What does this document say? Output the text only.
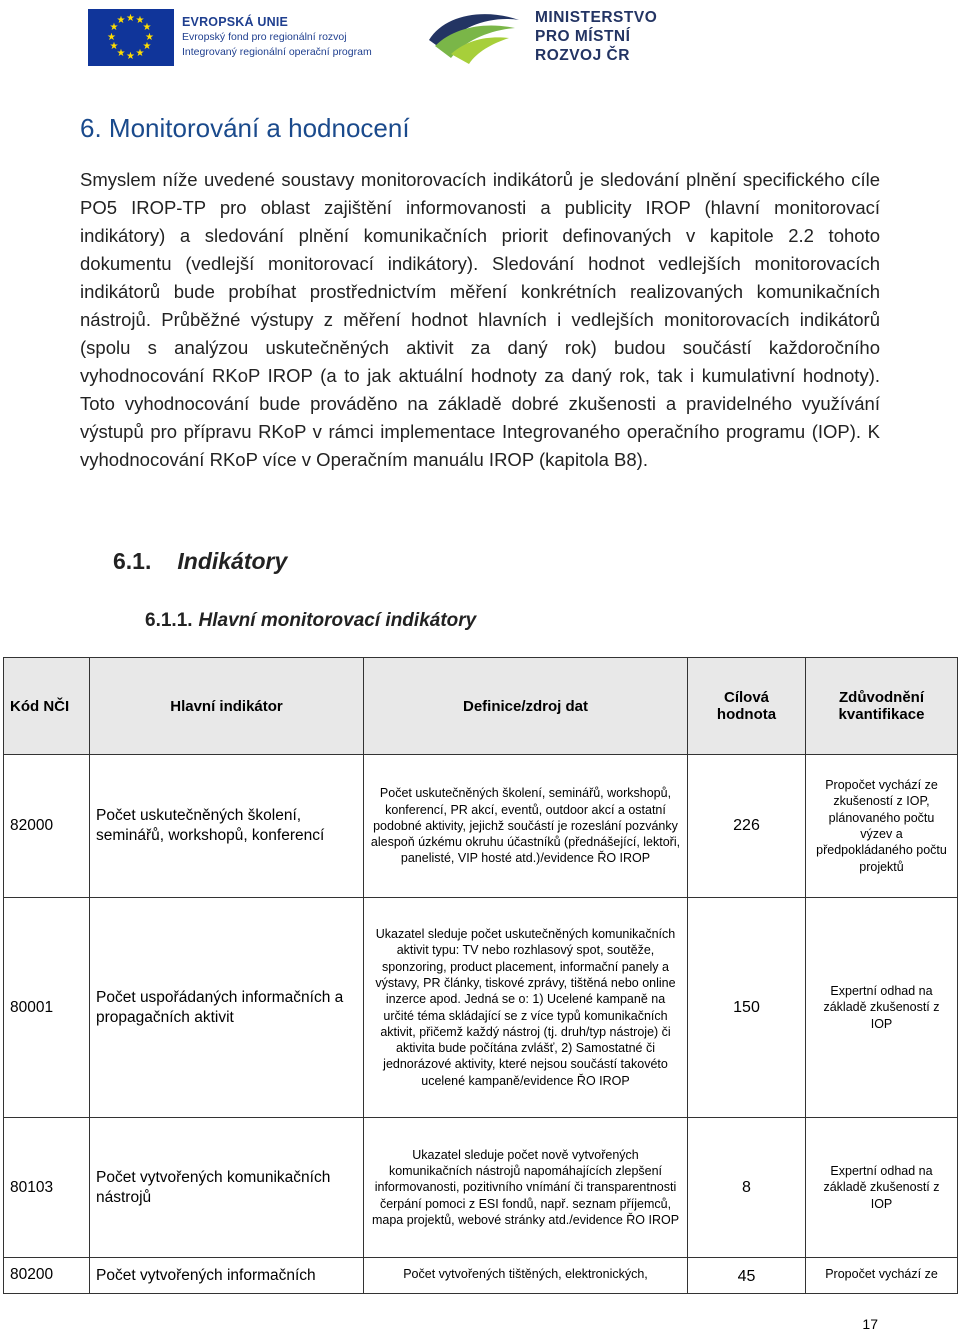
★ ★
★
★
★
★
★
★
★
★
★
★	EVROPSKÁ UNIE
Evropský fond pro regionální rozvoj
Integrovaný regionální operační program
MINISTERSTVO
PRO MÍSTNÍ
ROZVOJ ČR
6. Monitorování a hodnocení
Smyslem níže uvedené soustavy monitorovacích indikátorů je sledování plnění specifického cíle PO5 IROP-TP pro oblast zajištění informovanosti a publicity IROP (hlavní monitorovací indikátory) a sledování plnění komunikačních priorit definovaných v kapitole 2.2 tohoto dokumentu (vedlejší monitorovací indikátory). Sledování hodnot vedlejších monitorovacích indikátorů bude probíhat prostřednictvím měření konkrétních realizovaných komunikačních nástrojů. Průběžné výstupy z měření hodnot hlavních i vedlejších monitorovacích indikátorů (spolu s analýzou uskutečněných aktivit za daný rok) budou součástí každoročního vyhodnocování RKoP IROP (a to jak aktuální hodnoty za daný rok, tak i kumulativní hodnoty). Toto vyhodnocování bude prováděno na základě dobré zkušenosti a pravidelného využívání výstupů pro přípravu RKoP v rámci implementace Integrovaného operačního programu (IOP). K vyhodnocování RKoP více v Operačním manuálu IROP (kapitola B8).
6.1. Indikátory
6.1.1. Hlavní monitorovací indikátory
Kód NČI	Hlavní indikátor	Definice/zdroj dat	Cílová hodnota	Zdůvodnění kvantifikace
82000	Počet uskutečněných školení, seminářů, workshopů, konferencí	Počet uskutečněných školení, seminářů, workshopů, konferencí, PR akcí, eventů, outdoor akcí a ostatní podobné aktivity, jejichž součástí je rozeslání pozvánky alespoň úzkému okruhu účastníků (přednášející, lektoři, panelisté, VIP hosté atd.)/evidence ŘO IROP	226	Propočet vychází ze zkušeností z IOP, plánovaného počtu výzev a předpokládaného počtu projektů
80001	Počet uspořádaných informačních a propagačních aktivit	Ukazatel sleduje počet uskutečněných komunikačních aktivit typu: TV nebo rozhlasový spot, soutěže, sponzoring, product placement, informační panely a výstavy, PR články, tiskové zprávy, tištěná nebo online inzerce apod. Jedná se o: 1) Ucelené kampaně na určité téma skládající se z více typů komunikačních aktivit, přičemž každý nástroj (tj. druh/typ nástroje) či aktivita bude počítána zvlášť, 2) Samostatné či jednorázové aktivity, které nejsou součástí takovéto ucelené kampaně/evidence ŘO IROP	150	Expertní odhad na základě zkušeností z IOP
80103	Počet vytvořených komunikačních nástrojů	Ukazatel sleduje počet nově vytvořených komunikačních nástrojů napomáhajících zlepšení informovanosti, pozitivního vnímání či transparentnosti čerpání pomoci z ESI fondů, např. seznam příjemců, mapa projektů, webové stránky atd./evidence ŘO IROP	8	Expertní odhad na základě zkušeností z IOP
80200	Počet vytvořených informačních	Počet vytvořených tištěných, elektronických,	45	Propočet vychází ze
17
